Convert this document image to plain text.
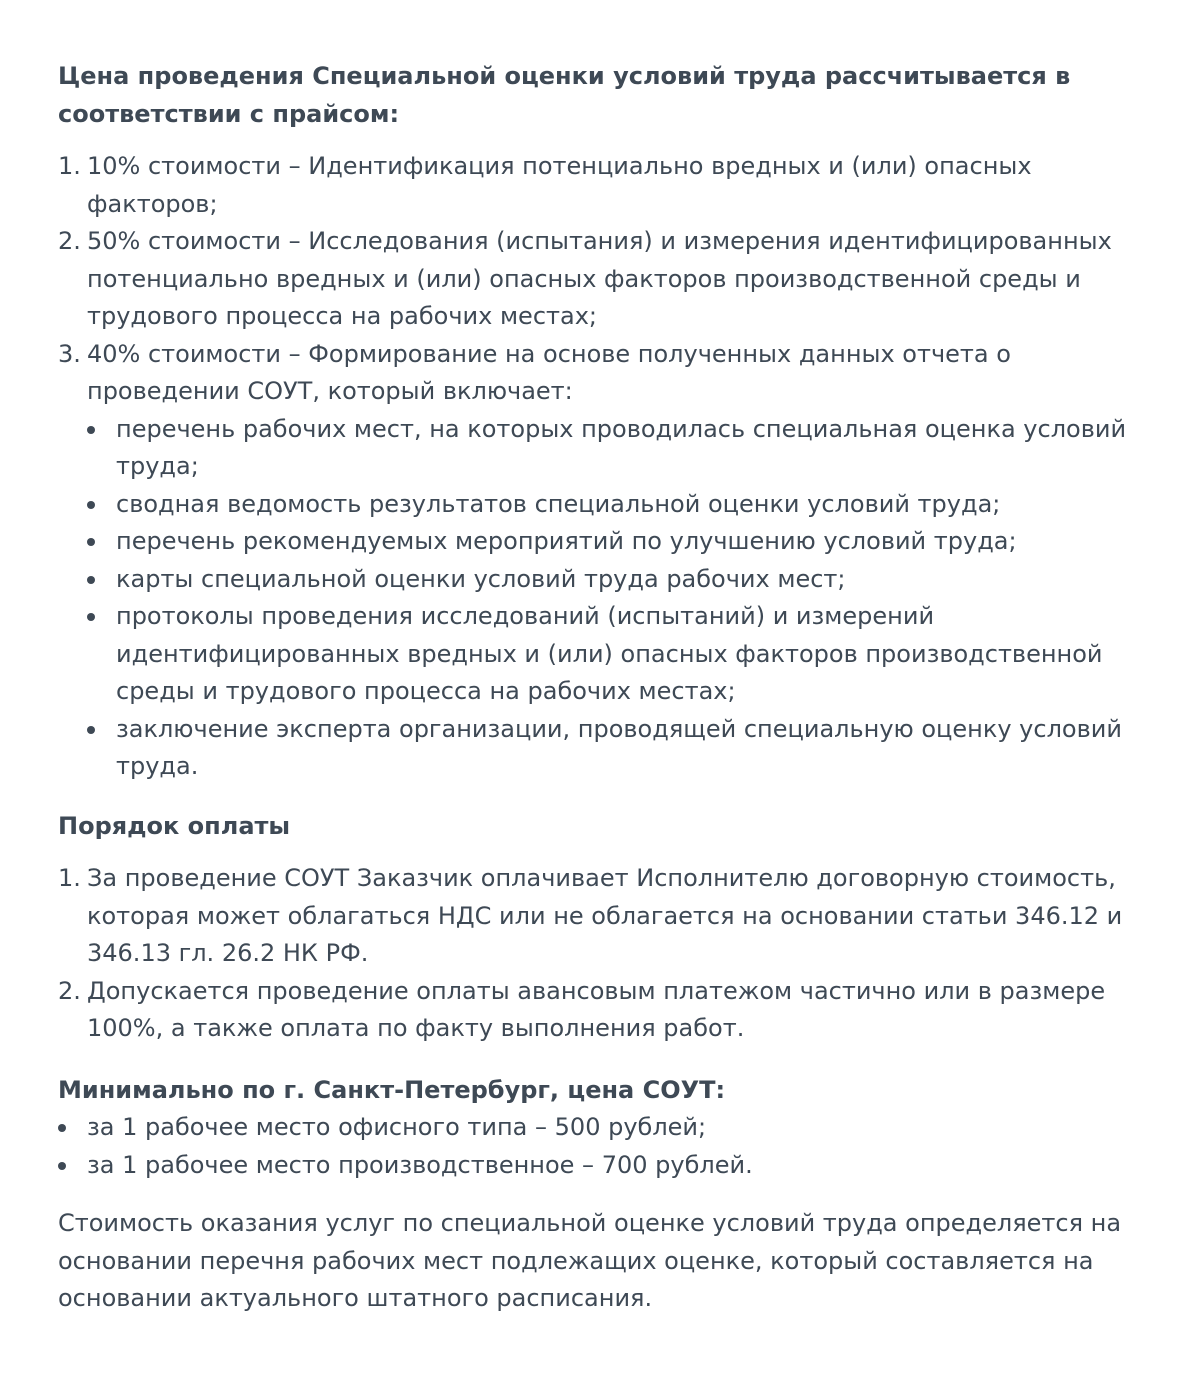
Цена проведения Специальной оценки условий труда рассчитывается в соответствии с прайсом:

1. 10% стоимости – Идентификация потенциально вредных и (или) опасных факторов;
2. 50% стоимости – Исследования (испытания) и измерения идентифицированных потенциально вредных и (или) опасных факторов производственной среды и трудового процесса на рабочих местах;
3. 40% стоимости – Формирование на основе полученных данных отчета о проведении СОУТ, который включает:
перечень рабочих мест, на которых проводилась специальная оценка условий труда;
сводная ведомость результатов специальной оценки условий труда;
перечень рекомендуемых мероприятий по улучшению условий труда;
карты специальной оценки условий труда рабочих мест;
протоколы проведения исследований (испытаний) и измерений идентифицированных вредных и (или) опасных факторов производственной среды и трудового процесса на рабочих местах;
заключение эксперта организации, проводящей специальную оценку условий труда.

Порядок оплаты

1. За проведение СОУТ Заказчик оплачивает Исполнителю договорную стоимость, которая может облагаться НДС или не облагается на основании статьи 346.12 и 346.13 гл. 26.2 НК РФ.
2. Допускается проведение оплаты авансовым платежом частично или в размере 100%, а также оплата по факту выполнения работ.

Минимально по г. Санкт-Петербург, цена СОУТ:

за 1 рабочее место офисного типа – 500 рублей;
за 1 рабочее место производственное – 700 рублей.
Стоимость оказания услуг по специальной оценке условий труда определяется на основании перечня рабочих мест подлежащих оценке, который составляется на основании актуального штатного расписания.
